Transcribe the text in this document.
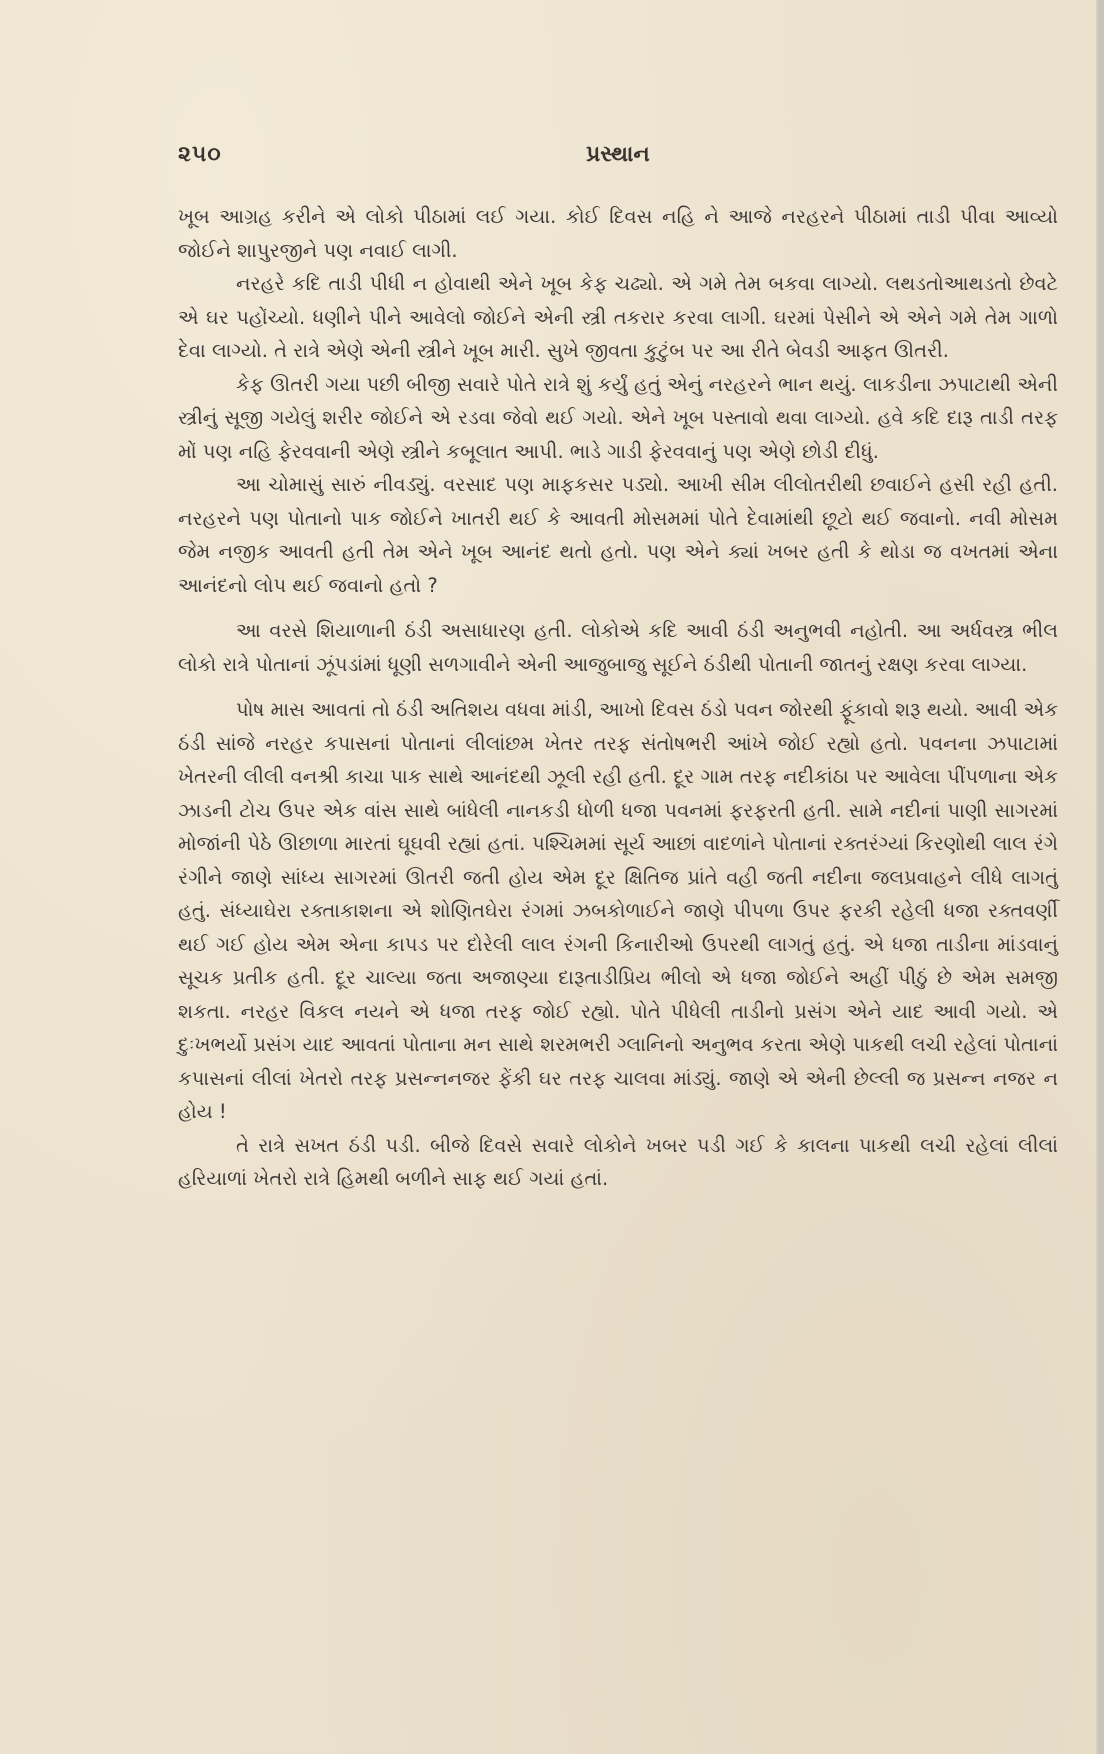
૨૫૦	પ્રસ્થાન

ખૂબ આગ્રહ કરીને એ લોકો પીઠામાં લઈ ગયા. કોઈ દિવસ નહિ ને આજે નરહરને પીઠામાં તાડી પીવા આવ્યો જોઈને શાપુરજીને પણ નવાઈ લાગી.

નરહરે કદિ તાડી પીધી ન હોવાથી એને ખૂબ કેફ ચઢ્યો. એ ગમે તેમ બકવા લાગ્યો. લથડતોઆથડતો છેવટે એ ઘર પહોંચ્યો. ધણીને પીને આવેલો જોઈને એની સ્ત્રી તકરાર કરવા લાગી. ઘરમાં પેસીને એ એને ગમે તેમ ગાળો દેવા લાગ્યો. તે રાત્રે એણે એની સ્ત્રીને ખૂબ મારી. સુખે જીવતા કુટુંબ પર આ રીતે બેવડી આફત ઊતરી.

કેફ ઊતરી ગયા પછી બીજી સવારે પોતે રાત્રે શું કર્યું હતું એનું નરહરને ભાન થયું. લાકડીના ઝપાટાથી એની સ્ત્રીનું સૂજી ગયેલું શરીર જોઈને એ રડવા જેવો થઈ ગયો. એને ખૂબ પસ્તાવો થવા લાગ્યો. હવે કદિ દારૂ તાડી તરફ મોં પણ નહિ ફેરવવાની એણે સ્ત્રીને કબૂલાત આપી. ભાડે ગાડી ફેરવવાનું પણ એણે છોડી દીધું.

આ ચોમાસું સારું નીવડ્યું. વરસાદ પણ માફકસર પડ્યો. આખી સીમ લીલોતરીથી છવાઈને હસી રહી હતી. નરહરને પણ પોતાનો પાક જોઈને ખાતરી થઈ કે આવતી મોસમમાં પોતે દેવામાંથી છૂટો થઈ જવાનો. નવી મોસમ જેમ નજીક આવતી હતી તેમ એને ખૂબ આનંદ થતો હતો. પણ એને ક્યાં ખબર હતી કે થોડા જ વખતમાં એના આનંદનો લોપ થઈ જવાનો હતો ?

આ વરસે શિયાળાની ઠંડી અસાધારણ હતી. લોકોએ કદિ આવી ઠંડી અનુભવી નહોતી. આ અર્ધવસ્ત્ર ભીલ લોકો રાત્રે પોતાનાં ઝૂંપડાંમાં ધૂણી સળગાવીને એની આજુબાજુ સૂઈને ઠંડીથી પોતાની જાતનું રક્ષણ કરવા લાગ્યા.

પોષ માસ આવતાં તો ઠંડી અતિશય વધવા માંડી, આખો દિવસ ઠંડો પવન જોરથી ફૂંકાવો શરૂ થયો. આવી એક ઠંડી સાંજે નરહર કપાસનાં પોતાનાં લીલાંછમ ખેતર તરફ સંતોષભરી આંખે જોઈ રહ્યો હતો. પવનના ઝપાટામાં ખેતરની લીલી વનશ્રી કાચા પાક સાથે આનંદથી ઝૂલી રહી હતી. દૂર ગામ તરફ નદીકાંઠા પર આવેલા પીંપળાના એક ઝાડની ટોચ ઉપર એક વાંસ સાથે બાંધેલી નાનકડી ધોળી ધજા પવનમાં ફરફરતી હતી. સામે નદીનાં પાણી સાગરમાં મોજાંની પેઠે ઊછાળા મારતાં ઘૂઘવી રહ્યાં હતાં. પશ્ચિમમાં સૂર્ય આછાં વાદળાંને પોતાનાં રક્તરંગ્યાં કિરણોથી લાલ રંગે રંગીને જાણે સાંધ્ય સાગરમાં ઊતરી જતી હોય એમ દૂર ક્ષિતિજ પ્રાંતે વહી જતી નદીના જલપ્રવાહને લીધે લાગતું હતું. સંધ્યાઘેરા રક્તાકાશના એ શોણિતઘેરા રંગમાં ઝબકોળાઈને જાણે પીપળા ઉપર ફરકી રહેલી ધજા રક્તવર્ણી થઈ ગઈ હોય એમ એના કાપડ પર દોરેલી લાલ રંગની કિનારીઓ ઉપરથી લાગતું હતું. એ ધજા તાડીના માંડવાનું સૂચક પ્રતીક હતી. દૂર ચાલ્યા જતા અજાણ્યા દારૂતાડીપ્રિય ભીલો એ ધજા જોઈને અહીં પીઠું છે એમ સમજી શકતા. નરહર વિકલ નયને એ ધજા તરફ જોઈ રહ્યો. પોતે પીધેલી તાડીનો પ્રસંગ એને યાદ આવી ગયો. એ દુઃખભર્યો પ્રસંગ યાદ આવતાં પોતાના મન સાથે શરમભરી ગ્લાનિનો અનુભવ કરતા એણે પાકથી લચી રહેલાં પોતાનાં કપાસનાં લીલાં ખેતરો તરફ પ્રસન્નનજર ફેંકી ઘર તરફ ચાલવા માંડ્યું. જાણે એ એની છેલ્લી જ પ્રસન્ન નજર ન હોય !

તે રાત્રે સખત ઠંડી પડી. બીજે દિવસે સવારે લોકોને ખબર પડી ગઈ કે કાલના પાકથી લચી રહેલાં લીલાં હરિયાળાં ખેતરો રાત્રે હિમથી બળીને સાફ થઈ ગયાં હતાં.
